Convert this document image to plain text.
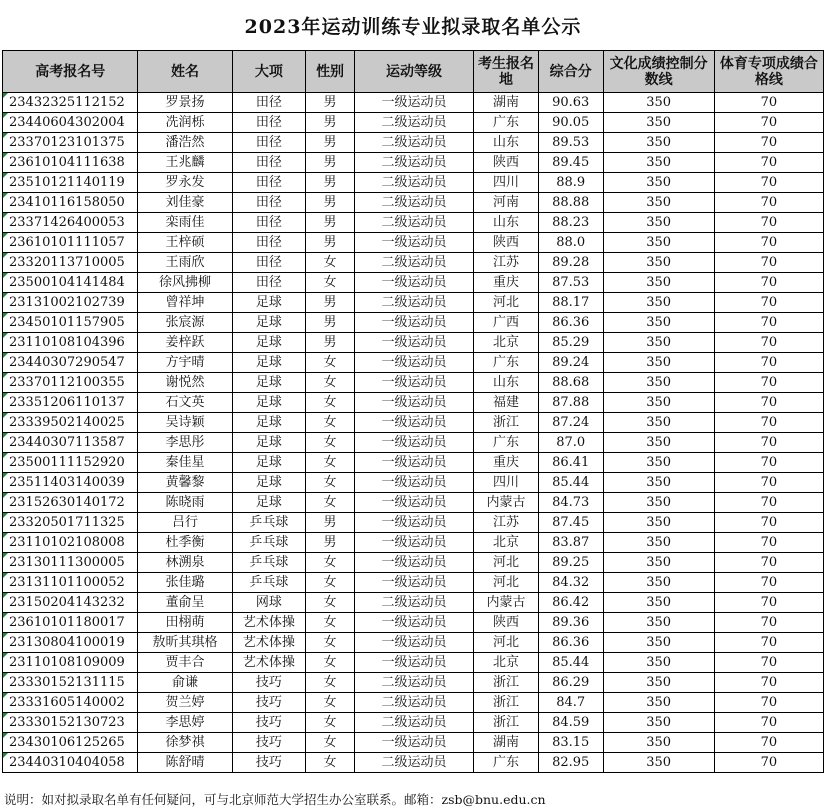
2023年运动训练专业拟录取名单公示
高考报名号	姓名	大项	性别	运动等级	考生报名地	综合分	文化成绩控制分数线	体育专项成绩合格线
23432325112152	罗景扬	田径	男	一级运动员	湖南	90.63	350	70
23440604302004	冼润栎	田径	男	二级运动员	广东	90.05	350	70
23370123101375	潘浩然	田径	男	二级运动员	山东	89.53	350	70
23610104111638	王兆麟	田径	男	二级运动员	陕西	89.45	350	70
23510121140119	罗永发	田径	男	二级运动员	四川	88.9	350	70
23410116158050	刘佳豪	田径	男	二级运动员	河南	88.88	350	70
23371426400053	栾雨佳	田径	男	二级运动员	山东	88.23	350	70
23610101111057	王梓硕	田径	男	一级运动员	陕西	88.0	350	70
23320113710005	王雨欣	田径	女	二级运动员	江苏	89.28	350	70
23500104141484	徐风拂柳	田径	女	一级运动员	重庆	87.53	350	70
23131002102739	曾祥坤	足球	男	二级运动员	河北	88.17	350	70
23450101157905	张宸源	足球	男	一级运动员	广西	86.36	350	70
23110108104396	姜梓跃	足球	男	一级运动员	北京	85.29	350	70
23440307290547	方宇晴	足球	女	一级运动员	广东	89.24	350	70
23370112100355	谢悦然	足球	女	一级运动员	山东	88.68	350	70
23351206110137	石文英	足球	女	一级运动员	福建	87.88	350	70
23339502140025	吴诗颖	足球	女	一级运动员	浙江	87.24	350	70
23440307113587	李思彤	足球	女	一级运动员	广东	87.0	350	70
23500111152920	秦佳星	足球	女	一级运动员	重庆	86.41	350	70
23511403140039	黄馨黎	足球	女	一级运动员	四川	85.44	350	70
23152630140172	陈晓雨	足球	女	一级运动员	内蒙古	84.73	350	70
23320501711325	吕行	乒乓球	男	一级运动员	江苏	87.45	350	70
23110102108008	杜季衡	乒乓球	男	一级运动员	北京	83.87	350	70
23130111300005	林溯泉	乒乓球	女	一级运动员	河北	89.25	350	70
23131101100052	张佳璐	乒乓球	女	一级运动员	河北	84.32	350	70
23150204143232	董俞呈	网球	女	二级运动员	内蒙古	86.42	350	70
23610101180017	田栩萌	艺术体操	女	一级运动员	陕西	89.36	350	70
23130804100019	敖昕其琪格	艺术体操	女	一级运动员	河北	86.36	350	70
23110108109009	贾丰合	艺术体操	女	一级运动员	北京	85.44	350	70
23330152131115	俞谦	技巧	女	二级运动员	浙江	86.29	350	70
23331605140002	贺兰婷	技巧	女	二级运动员	浙江	84.7	350	70
23330152130723	李思婷	技巧	女	二级运动员	浙江	84.59	350	70
23430106125265	徐梦祺	技巧	女	一级运动员	湖南	83.15	350	70
23440310404058	陈舒晴	技巧	女	二级运动员	广东	82.95	350	70
说明：如对拟录取名单有任何疑问，可与北京师范大学招生办公室联系。邮箱：zsb@bnu.edu.cn
